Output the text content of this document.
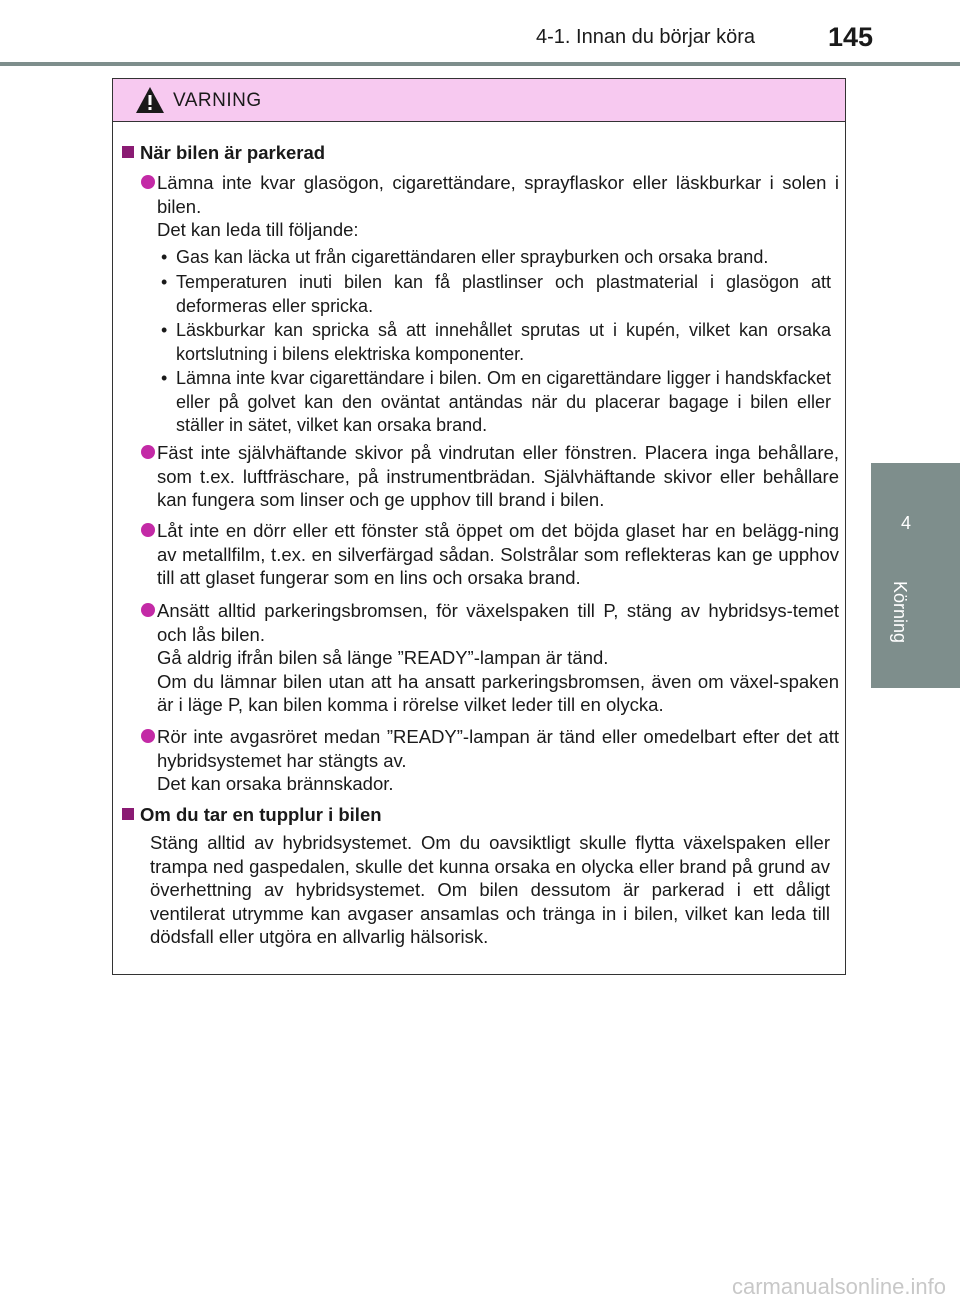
4-1. Innan du börjar köra	145
4
Körning
VARNING
När bilen är parkerad
Lämna inte kvar glasögon, cigarettändare, sprayflaskor eller läskburkar i solen i bilen.
Det kan leda till följande:
• Gas kan läcka ut från cigarettändaren eller sprayburken och orsaka brand.
• Temperaturen inuti bilen kan få plastlinser och plastmaterial i glasögon att deformeras eller spricka.
• Läskburkar kan spricka så att innehållet sprutas ut i kupén, vilket kan orsaka kortslutning i bilens elektriska komponenter.
• Lämna inte kvar cigarettändare i bilen. Om en cigarettändare ligger i handskfacket eller på golvet kan den oväntat antändas när du placerar bagage i bilen eller ställer in sätet, vilket kan orsaka brand.
Fäst inte självhäftande skivor på vindrutan eller fönstren. Placera inga behållare, som t.ex. luftfräschare, på instrumentbrädan. Självhäftande skivor eller behållare kan fungera som linser och ge upphov till brand i bilen.
Låt inte en dörr eller ett fönster stå öppet om det böjda glaset har en belägg-ning av metallfilm, t.ex. en silverfärgad sådan. Solstrålar som reflekteras kan ge upphov till att glaset fungerar som en lins och orsaka brand.
Ansätt alltid parkeringsbromsen, för växelspaken till P, stäng av hybridsys-temet och lås bilen.
Gå aldrig ifrån bilen så länge ”READY”-lampan är tänd.
Om du lämnar bilen utan att ha ansatt parkeringsbromsen, även om växel-spaken är i läge P, kan bilen komma i rörelse vilket leder till en olycka.
Rör inte avgasröret medan ”READY”-lampan är tänd eller omedelbart efter det att hybridsystemet har stängts av.
Det kan orsaka brännskador.
Om du tar en tupplur i bilen
Stäng alltid av hybridsystemet. Om du oavsiktligt skulle flytta växelspaken eller trampa ned gaspedalen, skulle det kunna orsaka en olycka eller brand på grund av överhettning av hybridsystemet. Om bilen dessutom är parkerad i ett dåligt ventilerat utrymme kan avgaser ansamlas och tränga in i bilen, vilket kan leda till dödsfall eller utgöra en allvarlig hälsorisk.
carmanualsonline.info
